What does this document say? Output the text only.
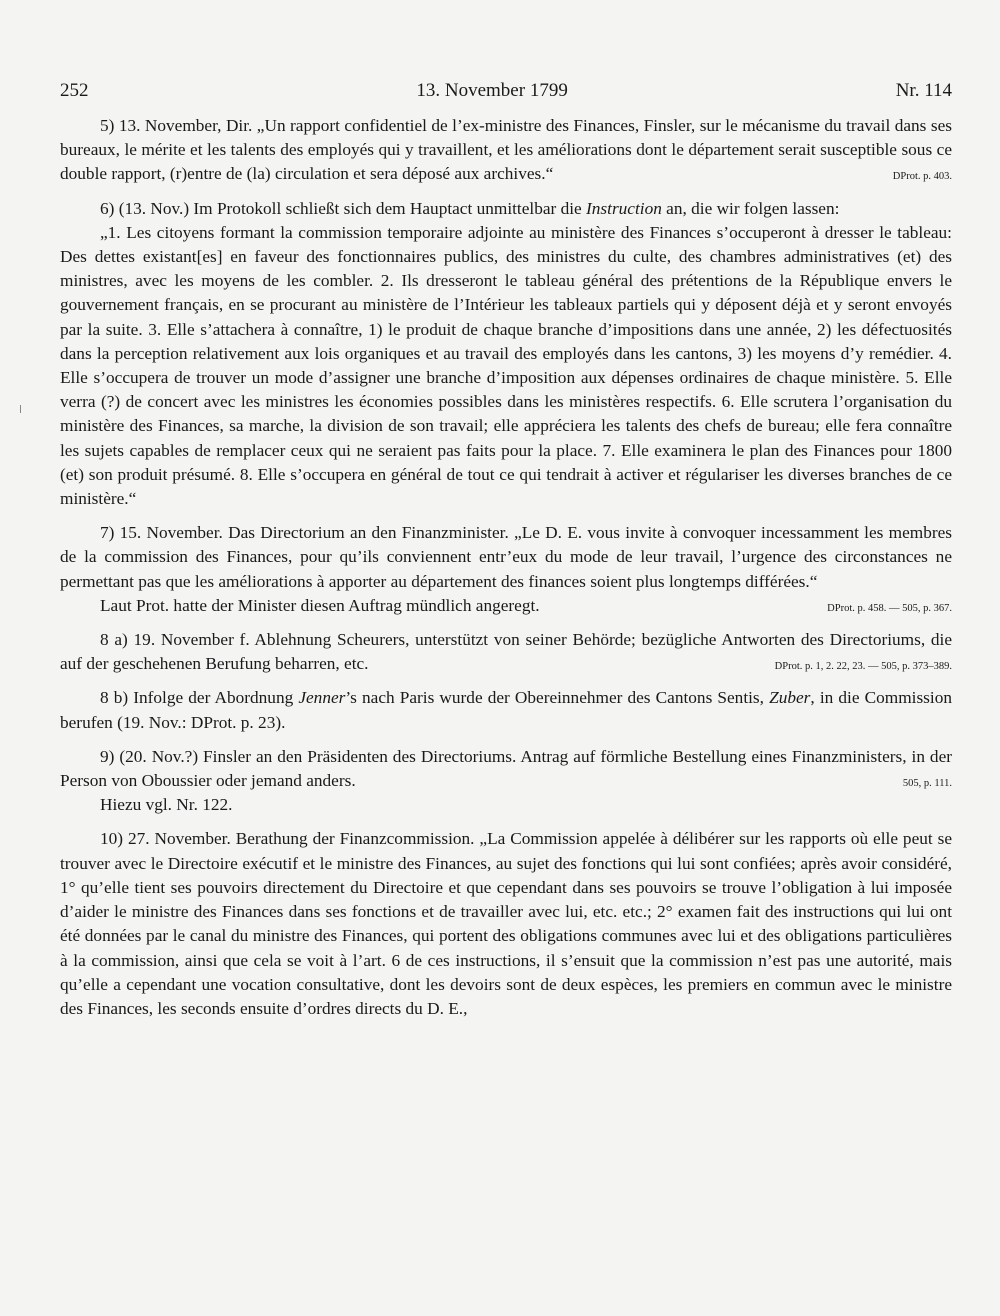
252	13. November 1799	Nr. 114

5) 13. November, Dir. „Un rapport confidentiel de l’ex-ministre des Finances, Finsler, sur le mécanisme du travail dans ses bureaux, le mérite et les talents des employés qui y travaillent, et les améliorations dont le département serait susceptible sous ce double rapport, (r)entre de (la) circulation et sera déposé aux archives.“	DProt. p. 403.

6) (13. Nov.) Im Protokoll schließt sich dem Hauptact unmittelbar die Instruction an, die wir folgen lassen:

„1. Les citoyens formant la commission temporaire adjointe au ministère des Finances s’occuperont à dresser le tableau: Des dettes existant[es] en faveur des fonctionnaires publics, des ministres du culte, des chambres administratives (et) des ministres, avec les moyens de les combler. 2. Ils dresseront le tableau général des prétentions de la République envers le gouvernement français, en se procurant au ministère de l’Intérieur les tableaux partiels qui y déposent déjà et y seront envoyés par la suite. 3. Elle s’attachera à connaître, 1) le produit de chaque branche d’impositions dans une année, 2) les défectuosités dans la perception relativement aux lois organiques et au travail des employés dans les cantons, 3) les moyens d’y remédier. 4. Elle s’occupera de trouver un mode d’assigner une branche d’imposition aux dépenses ordinaires de chaque ministère. 5. Elle verra (?) de concert avec les ministres les économies possibles dans les ministères respectifs. 6. Elle scrutera l’organisation du ministère des Finances, sa marche, la division de son travail; elle appréciera les talents des chefs de bureau; elle fera connaître les sujets capables de remplacer ceux qui ne seraient pas faits pour la place. 7. Elle examinera le plan des Finances pour 1800 (et) son produit présumé. 8. Elle s’occupera en général de tout ce qui tendrait à activer et régulariser les diverses branches de ce ministère.“

7) 15. November. Das Directorium an den Finanzminister. „Le D. E. vous invite à convoquer incessamment les membres de la commission des Finances, pour qu’ils conviennent entr’eux du mode de leur travail, l’urgence des circonstances ne permettant pas que les améliorations à apporter au département des finances soient plus longtemps différées.“
DProt. p. 458. — 505, p. 367.

Laut Prot. hatte der Minister diesen Auftrag mündlich angeregt.

8 a) 19. November f. Ablehnung Scheurers, unterstützt von seiner Behörde; bezügliche Antworten des Directoriums, die auf der geschehenen Berufung beharren, etc.	DProt. p. 1, 2. 22, 23. — 505, p. 373–389.

8 b) Infolge der Abordnung Jenner’s nach Paris wurde der Obereinnehmer des Cantons Sentis, Zuber, in die Commission berufen (19. Nov.: DProt. p. 23).

9) (20. Nov.?) Finsler an den Präsidenten des Directoriums. Antrag auf förmliche Bestellung eines Finanzministers, in der Person von Oboussier oder jemand anders.	505, p. 111.

Hiezu vgl. Nr. 122.

10) 27. November. Berathung der Finanzcommission. „La Commission appelée à délibérer sur les rapports où elle peut se trouver avec le Directoire exécutif et le ministre des Finances, au sujet des fonctions qui lui sont confiées; après avoir considéré, 1° qu’elle tient ses pouvoirs directement du Directoire et que cependant dans ses pouvoirs se trouve l’obligation à lui imposée d’aider le ministre des Finances dans ses fonctions et de travailler avec lui, etc. etc.; 2° examen fait des instructions qui lui ont été données par le canal du ministre des Finances, qui portent des obligations communes avec lui et des obligations particulières à la commission, ainsi que cela se voit à l’art. 6 de ces instructions, il s’ensuit que la commission n’est pas une autorité, mais qu’elle a cependant une vocation consultative, dont les devoirs sont de deux espèces, les premiers en commun avec le ministre des Finances, les seconds ensuite d’ordres directs du D. E.,
